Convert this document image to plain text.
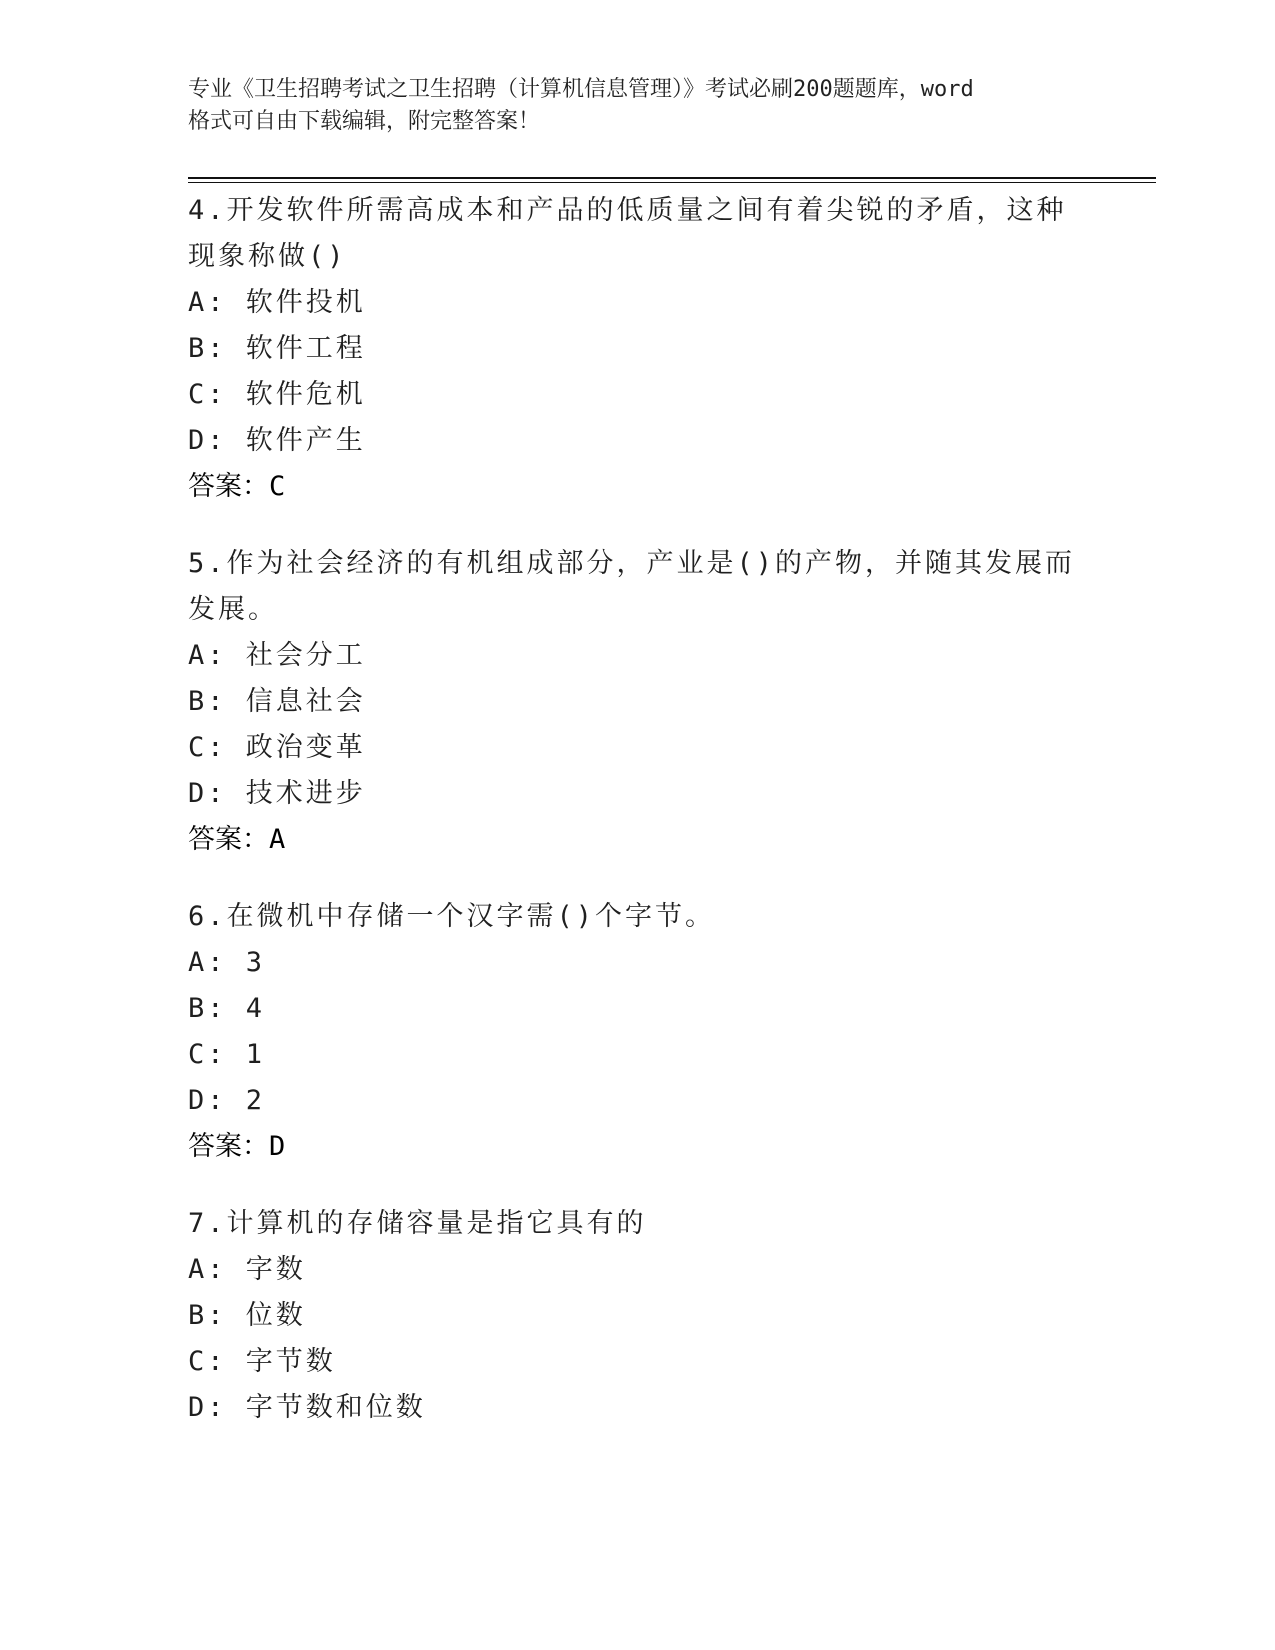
专业《卫生招聘考试之卫生招聘（计算机信息管理）》考试必刷200题题库，word
格式可自由下载编辑，附完整答案！
4.开发软件所需高成本和产品的低质量之间有着尖锐的矛盾，这种现象称做()
A: 软件投机
B: 软件工程
C: 软件危机
D: 软件产生
答案：C
5.作为社会经济的有机组成部分，产业是()的产物，并随其发展而发展。
A: 社会分工
B: 信息社会
C: 政治变革
D: 技术进步
答案：A
6.在微机中存储一个汉字需()个字节。
A: 3
B: 4
C: 1
D: 2
答案：D
7.计算机的存储容量是指它具有的
A: 字数
B: 位数
C: 字节数
D: 字节数和位数
